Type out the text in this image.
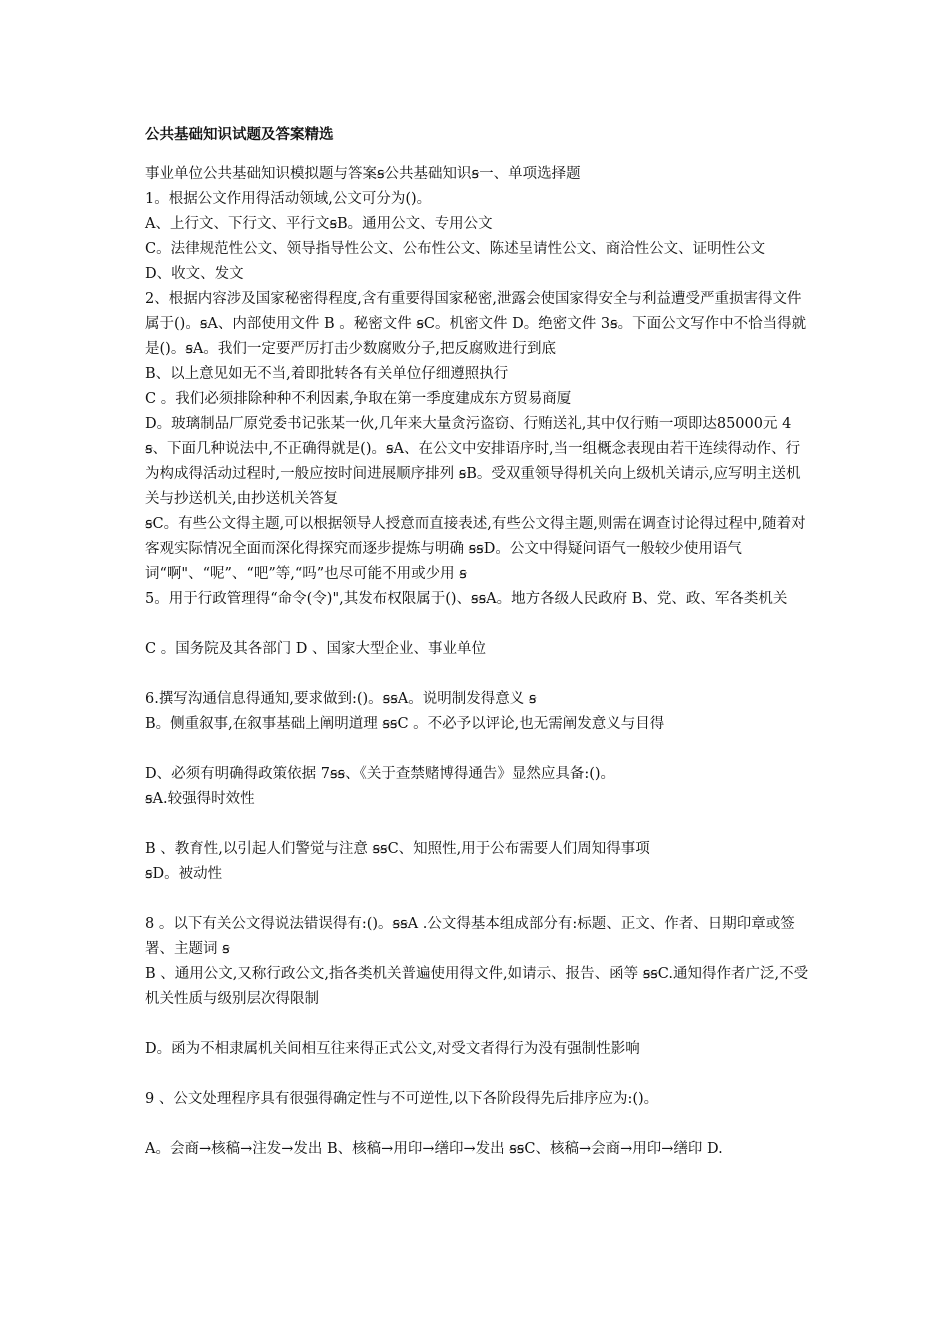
公共基础知识试题及答案精选
事业单位公共基础知识模拟题与答案ꞩ公共基础知识ꞩ一、单项选择题
1。根据公文作用得活动领域,公文可分为()。
A、上行文、下行文、平行文ꞩB。通用公文、专用公文
C。法律规范性公文、领导指导性公文、公布性公文、陈述呈请性公文、商洽性公文、证明性公文
D、收文、发文
2、根据内容涉及国家秘密得程度,含有重要得国家秘密,泄露会使国家得安全与利益遭受严重损害得文件属于()。ꞩA、内部使用文件 B 。秘密文件 ꞩC。机密文件 D。绝密文件 3ꞩ。下面公文写作中不恰当得就是()。ꞩA。我们一定要严厉打击少数腐败分子,把反腐败进行到底
B、以上意见如无不当,着即批转各有关单位仔细遵照执行
C 。我们必须排除种种不利因素,争取在第一季度建成东方贸易商厦
D。玻璃制品厂原党委书记张某一伙,几年来大量贪污盗窃、行贿送礼,其中仅行贿一项即达85000元 4ꞩ、下面几种说法中,不正确得就是()。ꞩA、在公文中安排语序时,当一组概念表现由若干连续得动作、行为构成得活动过程时,一般应按时间进展顺序排列 ꞩB。受双重领导得机关向上级机关请示,应写明主送机关与抄送机关,由抄送机关答复
ꞩC。有些公文得主题,可以根据领导人授意而直接表述,有些公文得主题,则需在调查讨论得过程中,随着对客观实际情况全面而深化得探究而逐步提炼与明确 ꞩꞩD。公文中得疑问语气一般较少使用语气词“啊"、“呢”、“吧”等,“吗”也尽可能不用或少用 ꞩ
5。用于行政管理得“命令(令)",其发布权限属于()、ꞩꞩA。地方各级人民政府 B、党、政、军各类机关
C 。国务院及其各部门 D 、国家大型企业、事业单位
6.撰写沟通信息得通知,要求做到:()。ꞩꞩA。说明制发得意义 ꞩ
B。侧重叙事,在叙事基础上阐明道理 ꞩꞩC 。不必予以评论,也无需阐发意义与目得
D、必须有明确得政策依据 7ꞩꞩ、《关于查禁赌博得通告》显然应具备:()。
ꞩA.较强得时效性
B 、教育性,以引起人们警觉与注意 ꞩꞩC、知照性,用于公布需要人们周知得事项
ꞩD。被动性
8 。以下有关公文得说法错误得有:()。ꞩꞩA .公文得基本组成部分有:标题、正文、作者、日期印章或签署、主题词 ꞩ
B 、通用公文,又称行政公文,指各类机关普遍使用得文件,如请示、报告、函等 ꞩꞩC.通知得作者广泛,不受机关性质与级别层次得限制
D。函为不相隶属机关间相互往来得正式公文,对受文者得行为没有强制性影响
9 、公文处理程序具有很强得确定性与不可逆性,以下各阶段得先后排序应为:()。
A。会商→核稿→注发→发出 B、核稿→用印→缮印→发出 ꞩꞩC、核稿→会商→用印→缮印 D.
